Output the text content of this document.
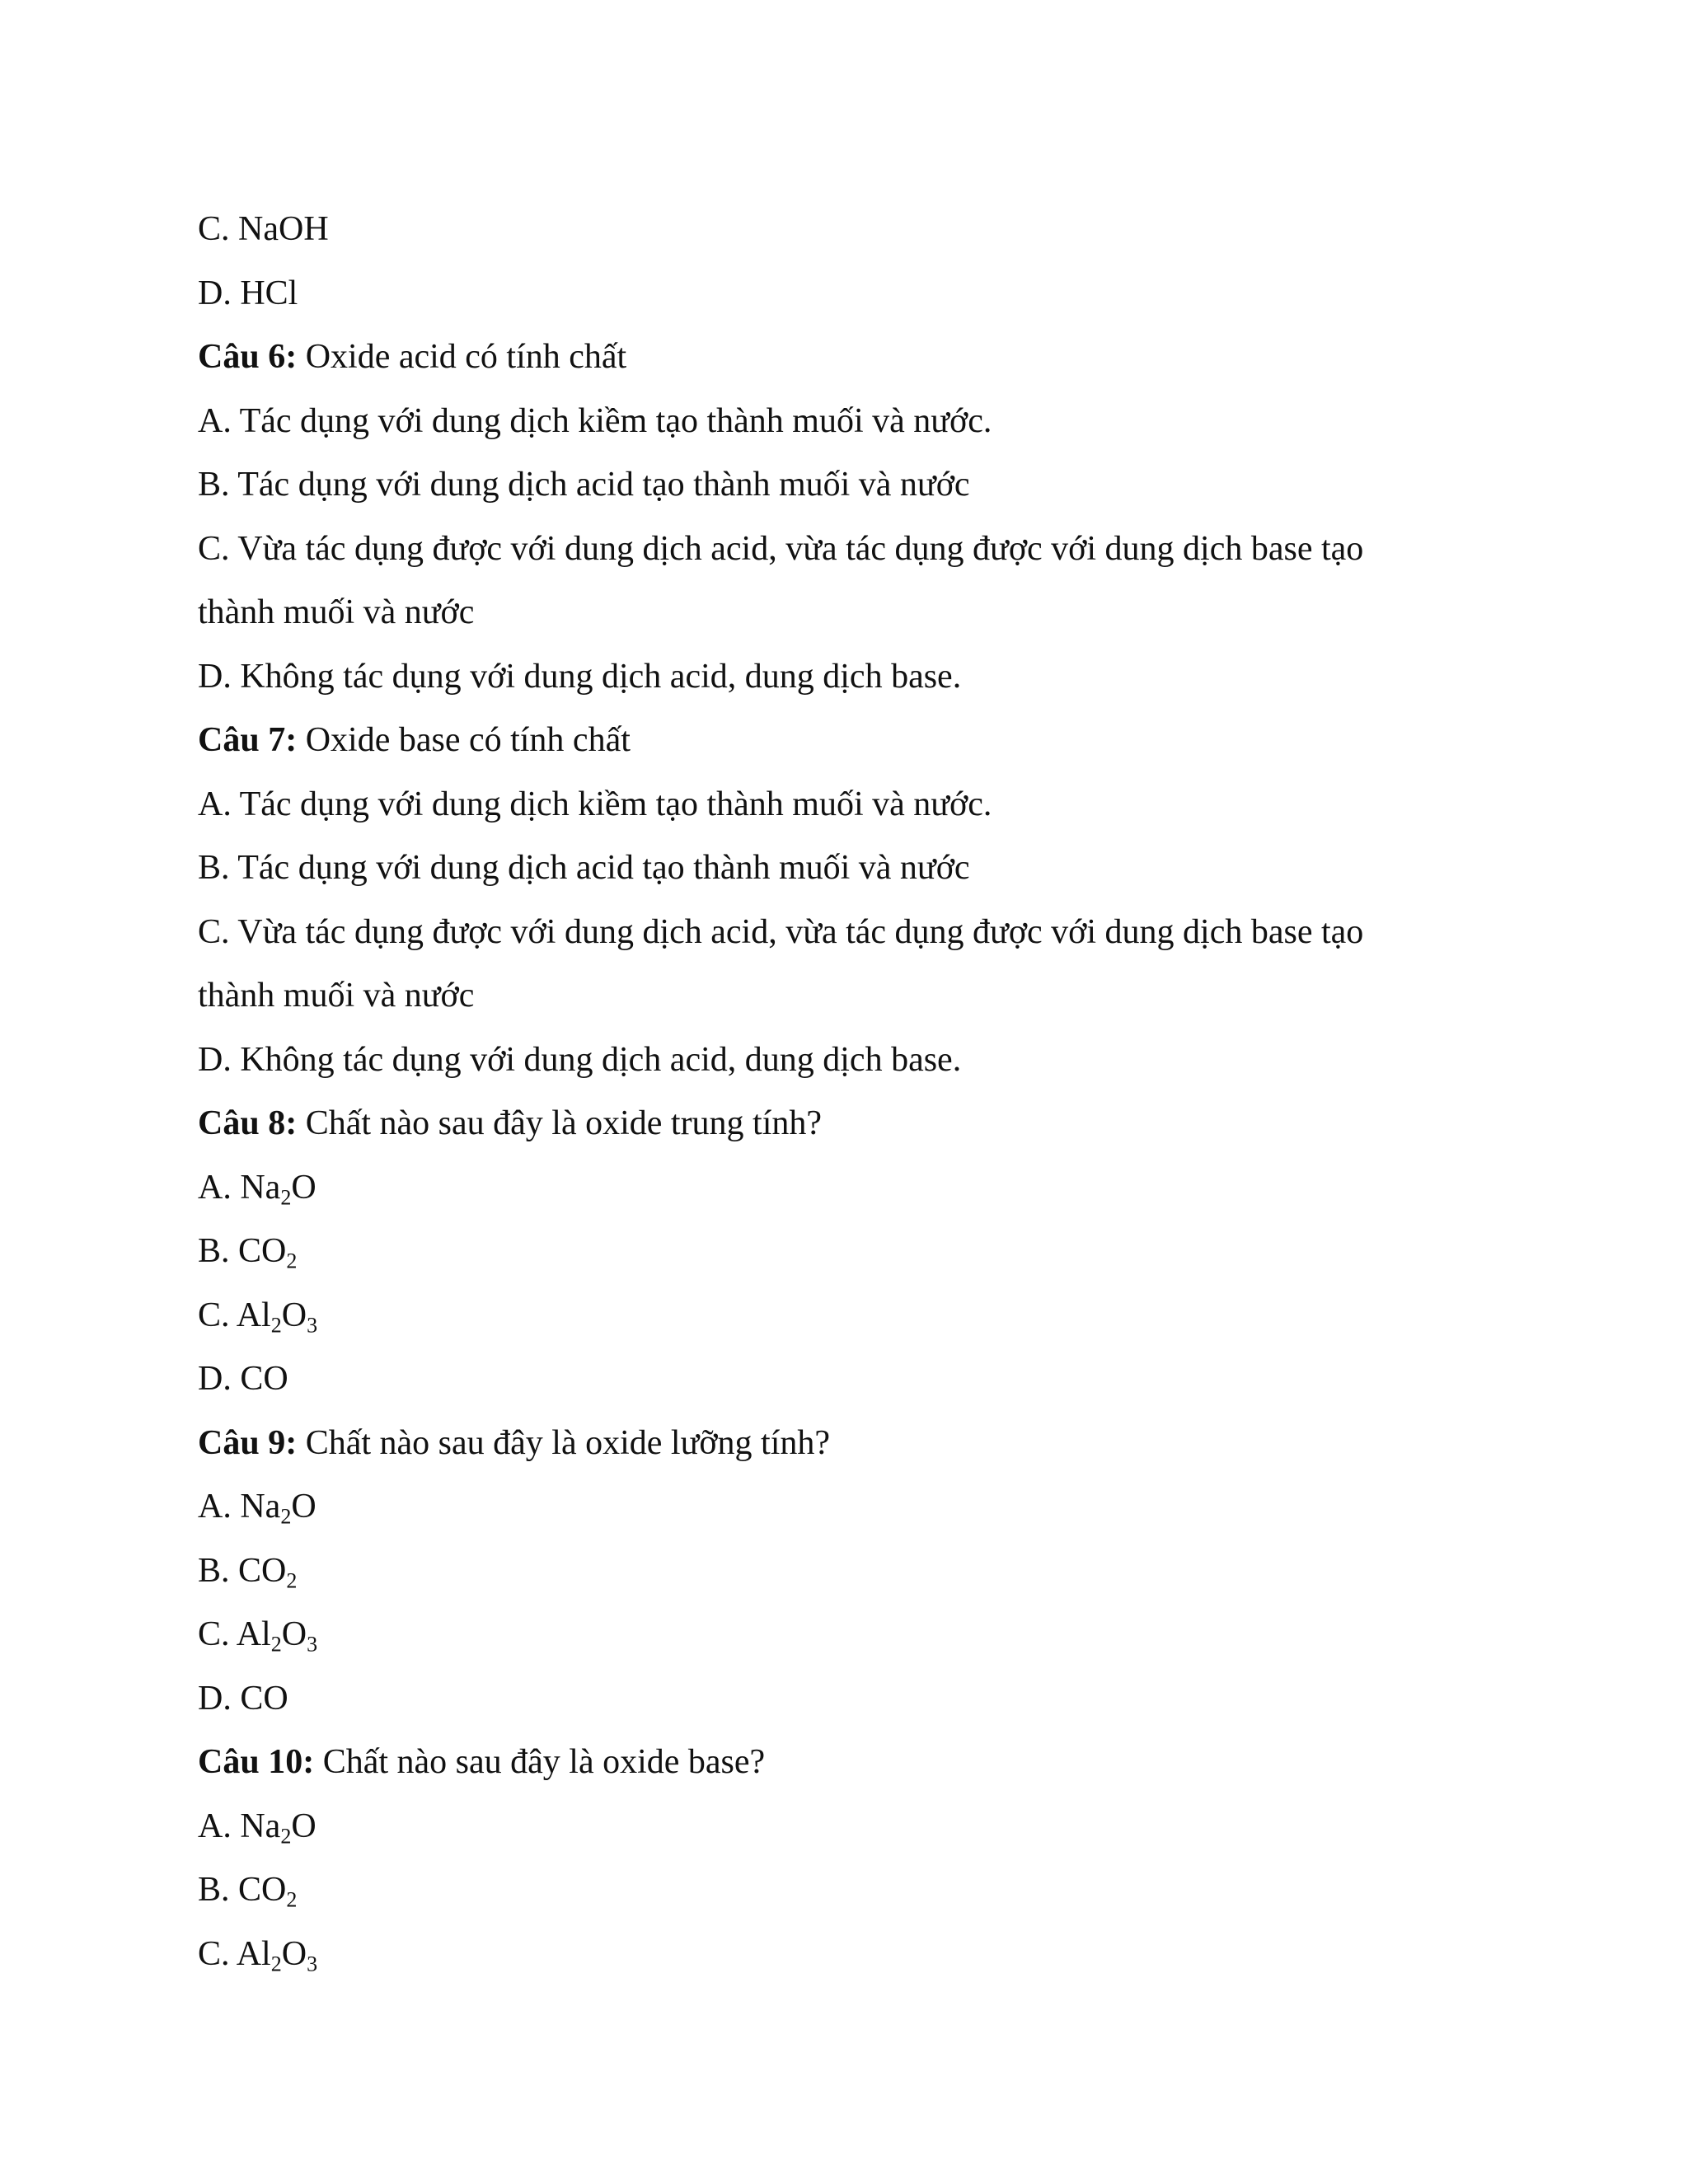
C. NaOH
D. HCl
Câu 6: Oxide acid có tính chất
A. Tác dụng với dung dịch kiềm tạo thành muối và nước.
B. Tác dụng với dung dịch acid tạo thành muối và nước
C. Vừa tác dụng được với dung dịch acid, vừa tác dụng được với dung dịch base tạo
thành muối và nước
D. Không tác dụng với dung dịch acid, dung dịch base.
Câu 7: Oxide base có tính chất
A. Tác dụng với dung dịch kiềm tạo thành muối và nước.
B. Tác dụng với dung dịch acid tạo thành muối và nước
C. Vừa tác dụng được với dung dịch acid, vừa tác dụng được với dung dịch base tạo
thành muối và nước
D. Không tác dụng với dung dịch acid, dung dịch base.
Câu 8: Chất nào sau đây là oxide trung tính?
A. $Na_2O$
B. $CO_2$
C. $Al_2O_3$
D. CO
Câu 9: Chất nào sau đây là oxide lưỡng tính?
A. $Na_2O$
B. $CO_2$
C. $Al_2O_3$
D. CO
Câu 10: Chất nào sau đây là oxide base?
A. $Na_2O$
B. $CO_2$
C. $Al_2O_3$
